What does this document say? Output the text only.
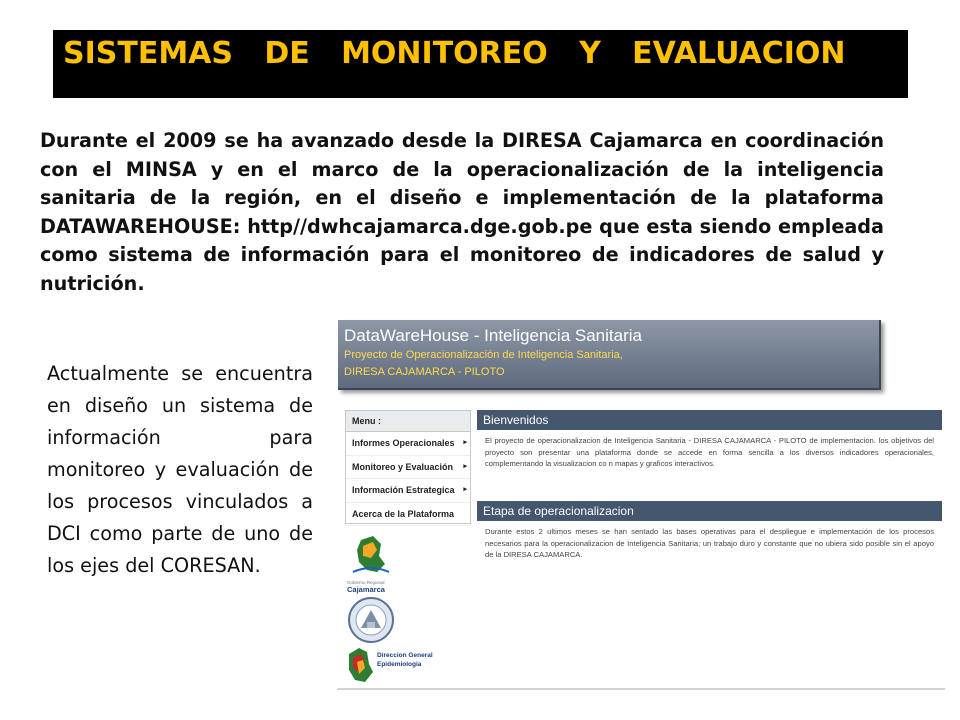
SISTEMAS   DE   MONITOREO   Y   EVALUACION
Durante el 2009 se ha avanzado desde la DIRESA Cajamarca en coordinación con el MINSA y en el marco de la operacionalización de la inteligencia sanitaria de la región, en el diseño e implementación de la plataforma DATAWAREHOUSE: http//dwhcajamarca.dge.gob.pe que esta siendo empleada como sistema de información para el monitoreo de indicadores de salud y nutrición.
Actualmente se encuentra en diseño un sistema de información para monitoreo y evaluación de los procesos vinculados a DCI como parte de uno de los ejes del CORESAN.
DataWareHouse - Inteligencia Sanitaria
Proyecto de Operacionalización de Inteligencia Sanitaria,
DIRESA CAJAMARCA - PILOTO
Menu :
Informes Operacionales ▸
Monitoreo y Evaluación ▸
Información Estrategica ▸
Acerca de la Plataforma
Bienvenidos
El proyecto de operacionalizacion de Inteligencia Sanitaria - DIRESA CAJAMARCA - PILOTO de implementacion. los objetivos del proyecto son presentar una plataforma donde se accede en forma sencilla a los diversos indicadores operacionales, complementando la visualizacion co n mapas y graficos interactivos.
Etapa de operacionalizacion
Durante estos 2 ultimos meses se han sentado las bases operativas para el despliegue e implementación de los procesos necesarios para la operacionalizacion de Inteligencia Sanitaria; un trabajo duro y constante que no ubiera sido posible sin el apoyo de la DIRESA CAJAMARCA.
Gobierno Regional
Cajamarca
Direccion General
Epidemiologia
